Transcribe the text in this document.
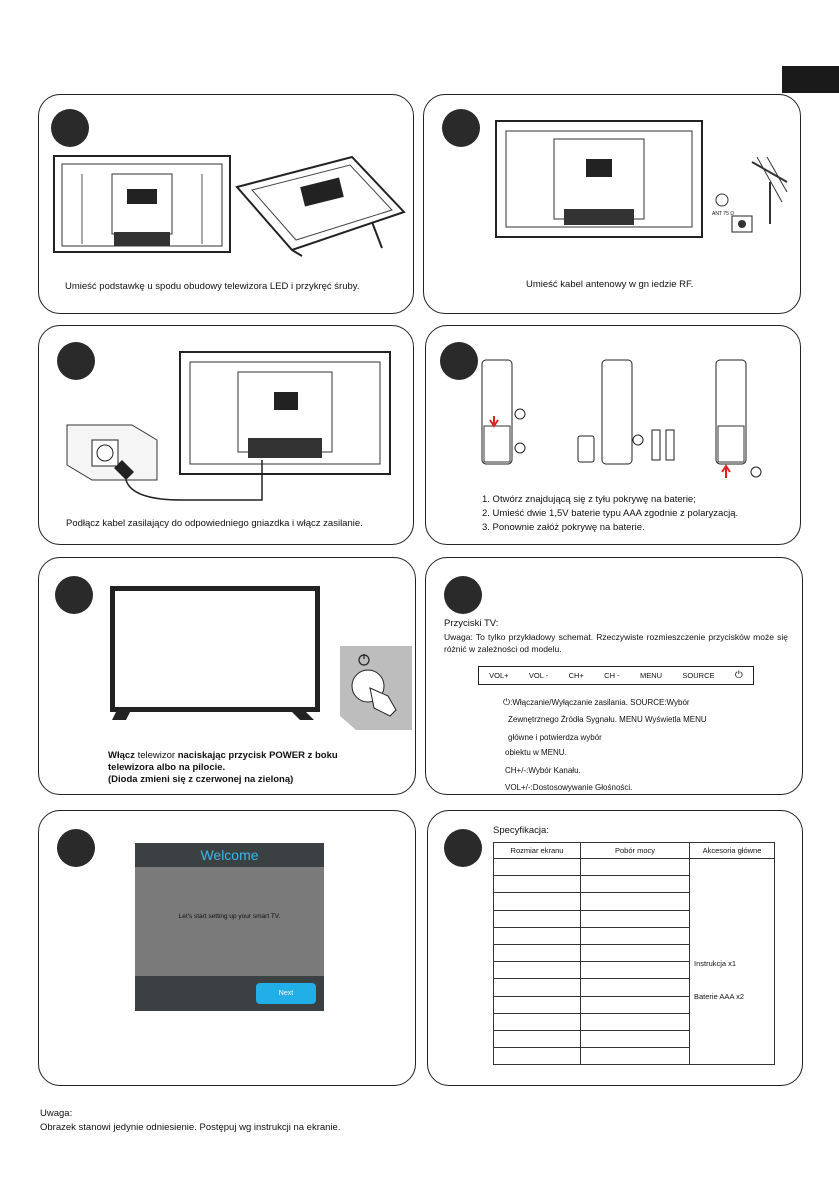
Umieść podstawkę u spodu obudowy telewizora LED i przykręć śruby.
ANT 75 Ω
Umieść kabel antenowy w gn iedzie RF.
Podłącz kabel zasilający do odpowiedniego gniazdka i włącz zasilanie.
1. Otwórz znajdującą się z tyłu pokrywę na baterie;
2. Umieść dwie 1,5V baterie typu AAA zgodnie z polaryzacją.
3. Ponownie załóż pokrywę na baterie.
Włącz telewizor naciskając przycisk POWER z boku
telewizora albo na pilocie.
(Dioda zmieni się z czerwonej na zieloną)
Przyciski TV:
Uwaga: To tylko przykładowy schemat. Rzeczywiste rozmieszczenie przycisków może się różnić w zależności od modelu.
VOL+	VOL -	CH+	CH -	MENU	SOURCE ⏻
⏻:Włączanie/Wyłączanie zasilania. SOURCE:Wybór
Zewnętrznego Źródła Sygnału. MENU Wyświetla MENU
główne i potwierdza wybór
obiektu w MENU.
CH+/-:Wybór Kanału.
VOL+/-:Dostosowywanie Głośności.
Welcome
Let's start setting up your smart TV.
Next
Specyfikacja:
Rozmiar ekranu	Pobór mocy	Akcesoria główne

		Instrukcja x1
Baterie AAA x2

Uwaga:
Obrazek stanowi jedynie odniesienie. Postępuj wg instrukcji na ekranie.
